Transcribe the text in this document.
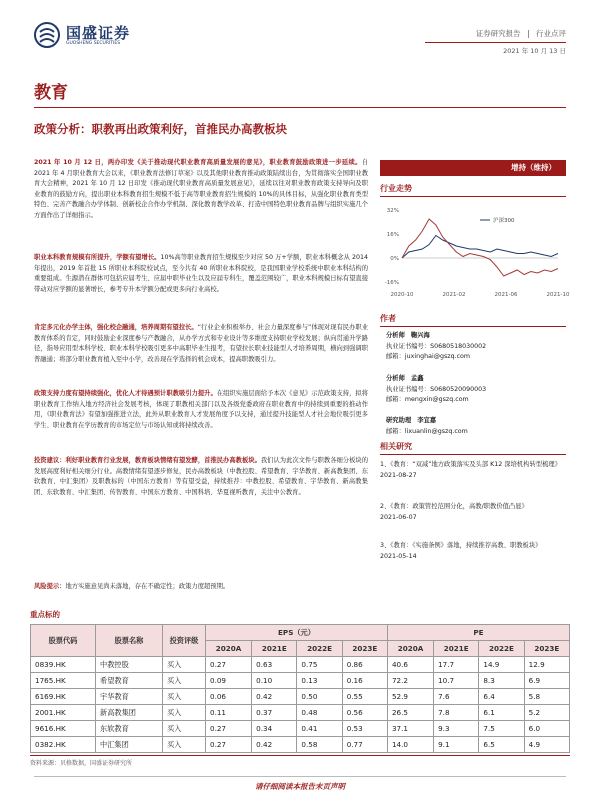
国盛证券
GUOSHENG SECURITIES
证券研究报告 | 行业点评
2021 年 10 月 13 日
教育
政策分析：职教再出政策利好，首推民办高教板块
增持（维持）
2021 年 10 月 12 日，两办印发《关于推动现代职业教育高质量发展的意见》，职业教育鼓励政策进一步延续。自 2021 年 4 月职业教育大会以来，《职业教育法修订草案》以及其他职业教育推动政策陆续出台，为贯彻落实全国职业教育大会精神，2021 年 10 月 12 日印发《推动现代职业教育高质量发展意见》，延续以往对职业教育政策支持导向及职业教育的鼓励方向，提出职业本科教育招生规模不低于高等职业教育招生规模的 10%的具体目标，从强化职业教育类型特色、完善产教融合办学体制、创新校企合作办学机制、深化教育教学改革、打造中国特色职业教育品牌与组织实施几个方面作出了详细指示。
职业本科教育规模有所提升，学额有望增长。10%高等职业教育招生规模至少对应 50 万+学额，职业本科概念从 2014 年提出，2019 年首批 15 所职业本科院校试点，至今共有 40 所职业本科院校，是我国职业学校系统中职业本科结构的重要组成。生源潜在群体可包括应届考生、应届中职毕业生以及应届专科生，覆盖范围较广，职业本科规模日标有望直接带动对应学额的显著增长，参考专升本学额分配或更多向行业高校。
肯定多元化办学主体，强化校企融通，培养周期有望拉长。“行业企业积极举办、社会力量深度参与”体现对现有民办职业教育体系的肯定，同时鼓励企业深度参与产教融合，从办学方式和专业设计等多维度支持职业学校发展；纵向贯通升学路径，指导应用型本科学校、职业本科学校吸引更多中高职毕业生报考，有望拉长职业技能型人才培养周期，横向到强调职普融通；将部分职业教育植入至中小学，改善现在学选择的机会成本，提高职教吸引力。
政策支持力度有望持续强化，优化人才待遇预计职教吸引力提升。在组织实施层面给予本次《意见》示范政策支持，拟将职业教育工作纳入地方经济社会发展考核，体现了职教相关部门以及各级党委政府在职业教育中的持续到重要的推动作用，《职业教育法》有望加强推进立法，此外从职业教育人才发展角度予以支持，通过提升技能型人才社会地位吸引更多学生、职业教育在学历教育的市场定位与市场认知或将持续改善。
投资建议：利好职业教育行业发展，教育板块情绪有望发酵，首推民办高教板块。我们认为此次文件与职教各细分板块的发展高度利好相关细分行业。高教情绪有望逐步修复，民办高教板块（中教控股、希望教育、宇华教育、新高教集团、东软教育、中汇集团）及职教标的（中国东方教育）等有望受益，持续推荐：中教控股、希望教育、宇华教育、新高教集团、东软教育、中汇集团、传智教育、中国东方教育、中国科培、华夏视听教育，关注中公教育。
风险提示：地方实施意见尚未落地，存在不确定性；政策力度超预期。
行业走势
32%
16%
0%
-16%
2020-10	2021-02	2021-06	2021-10
沪深300
作者
分析师 鞠兴海
执业证书编号：S0680518030002
邮箱：juxinghai@gszq.com
分析师 孟鑫
执业证书编号：S0680520090003
邮箱：mengxin@gszq.com
研究助理 李宜嘉
邮箱：lixuanlin@gszq.com
相关研究
1、《教育：“双减”地方政策落实及头部 K12 深培机构转型梳理》
2021-08-27
2、《教育：政策管控范围分化，高教/职教价值凸显》
2021-06-07
3、《教育：《实施条例》落地，持续推荐高教、职教板块》
2021-05-14
重点标的
股票代码	股票名称	投资评级	EPS（元）				PE			
			2020A	2021E	2022E	2023E	2020A	2021E	2022E	2023E
0839.HK	中教控股	买入	0.27	0.63	0.75	0.86	40.6	17.7	14.9	12.9
1765.HK	希望教育	买入	0.09	0.10	0.13	0.16	72.2	10.7	8.3	6.9
6169.HK	宇华教育	买入	0.06	0.42	0.50	0.55	52.9	7.6	6.4	5.8
2001.HK	新高教集团	买入	0.11	0.37	0.48	0.56	26.5	7.8	6.1	5.2
9616.HK	东软教育	买入	0.27	0.34	0.41	0.53	37.1	9.3	7.5	6.0
0382.HK	中汇集团	买入	0.27	0.42	0.58	0.77	14.0	9.1	6.5	4.9
资料来源：贝格数据，国盛证券研究所
请仔细阅读本报告末页声明
